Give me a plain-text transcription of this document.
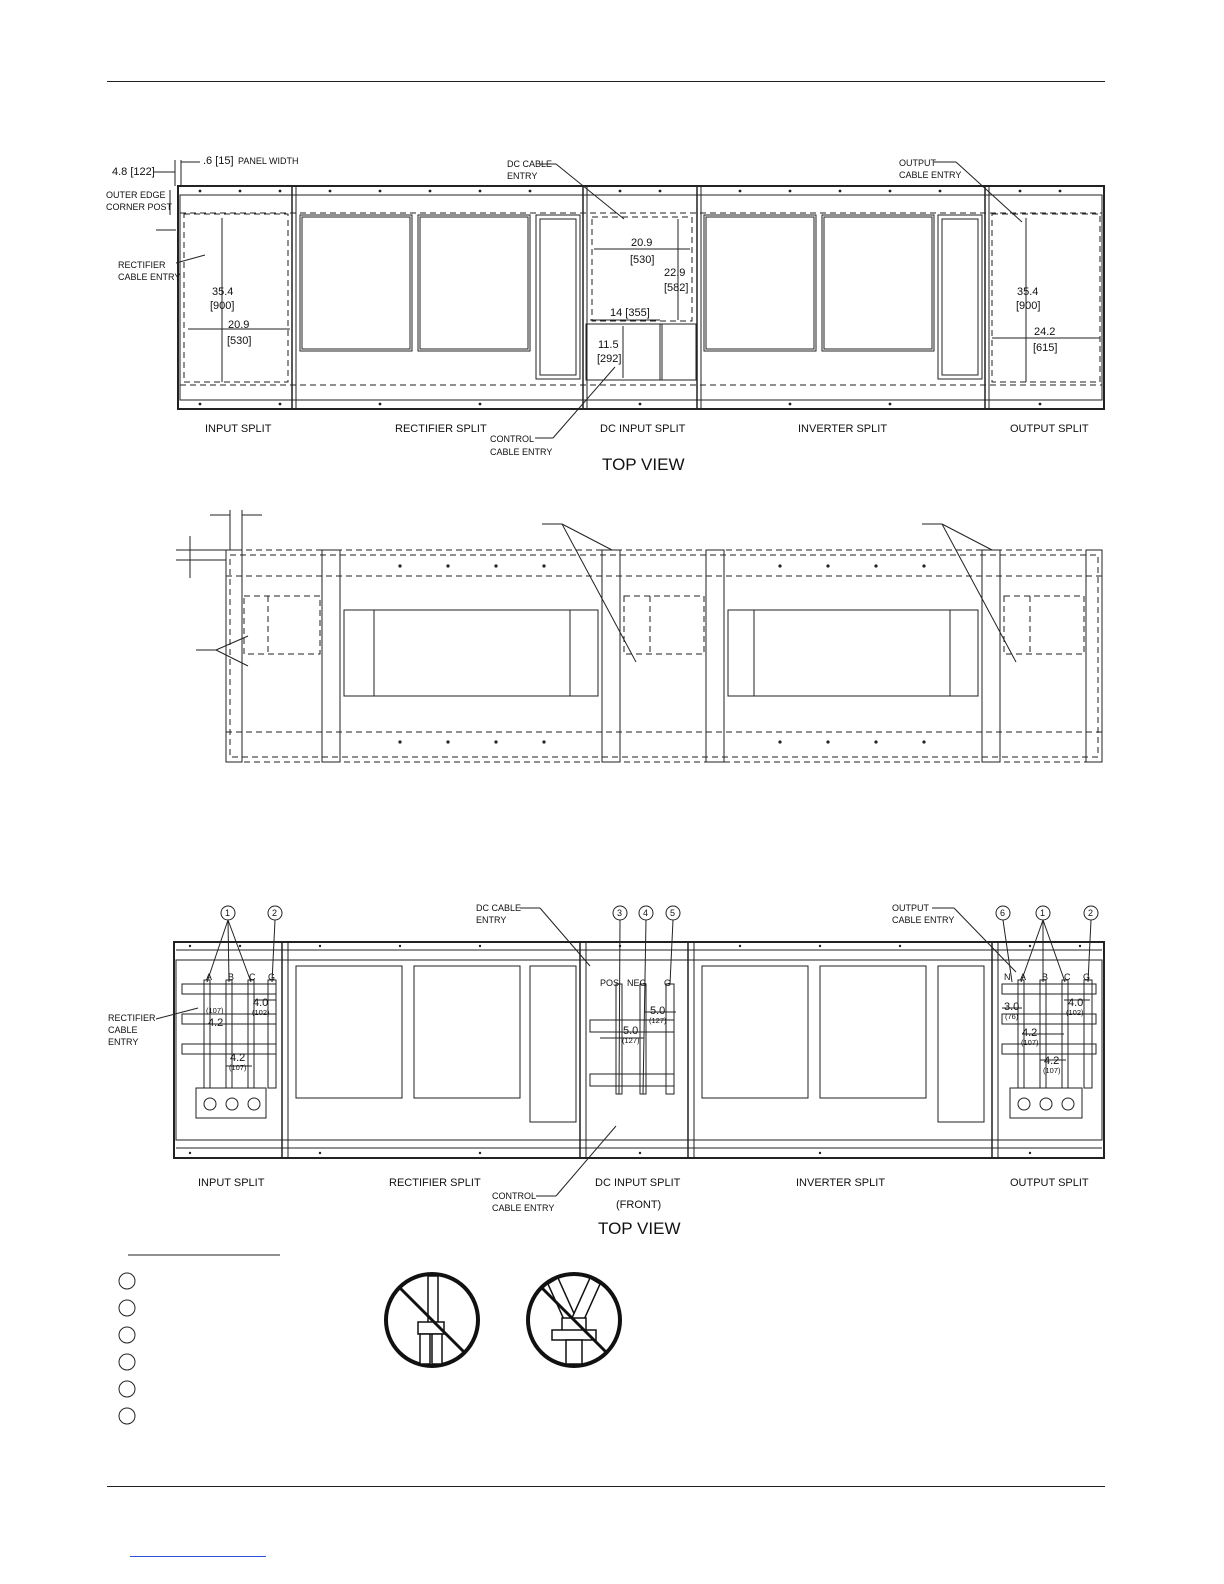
4.8 [122]
.6 [15] PANEL WIDTH
OUTER EDGE
CORNER POST
RECTIFIER
CABLE ENTRY
35.4
[900]
20.9
[530]
DC CABLE
ENTRY
20.9
[530]
22.9
[582]
14 [355]
11.5
[292]
OUTPUT
CABLE ENTRY
35.4
[900]
24.2
[615]
CONTROL
CABLE ENTRY
INPUT SPLIT	RECTIFIER SPLIT	DC INPUT SPLIT	INVERTER SPLIT	OUTPUT SPLIT
TOP VIEW
1	2	3 4 5	6	1	2
A B C G	N A B C G
POS NEG G
4.0
(102)
(107)
4.2
4.2
(107)
5.0
(127)
5.0
(127)
3.0
(76)
4.2
(107)
4.0
(102)
4.2
(107)
RECTIFIER
CABLE
ENTRY
DC CABLE
ENTRY
OUTPUT
CABLE ENTRY
CONTROL
CABLE ENTRY
INPUT SPLIT	RECTIFIER SPLIT	DC INPUT SPLIT
(FRONT)
INVERTER SPLIT	OUTPUT SPLIT
TOP VIEW
